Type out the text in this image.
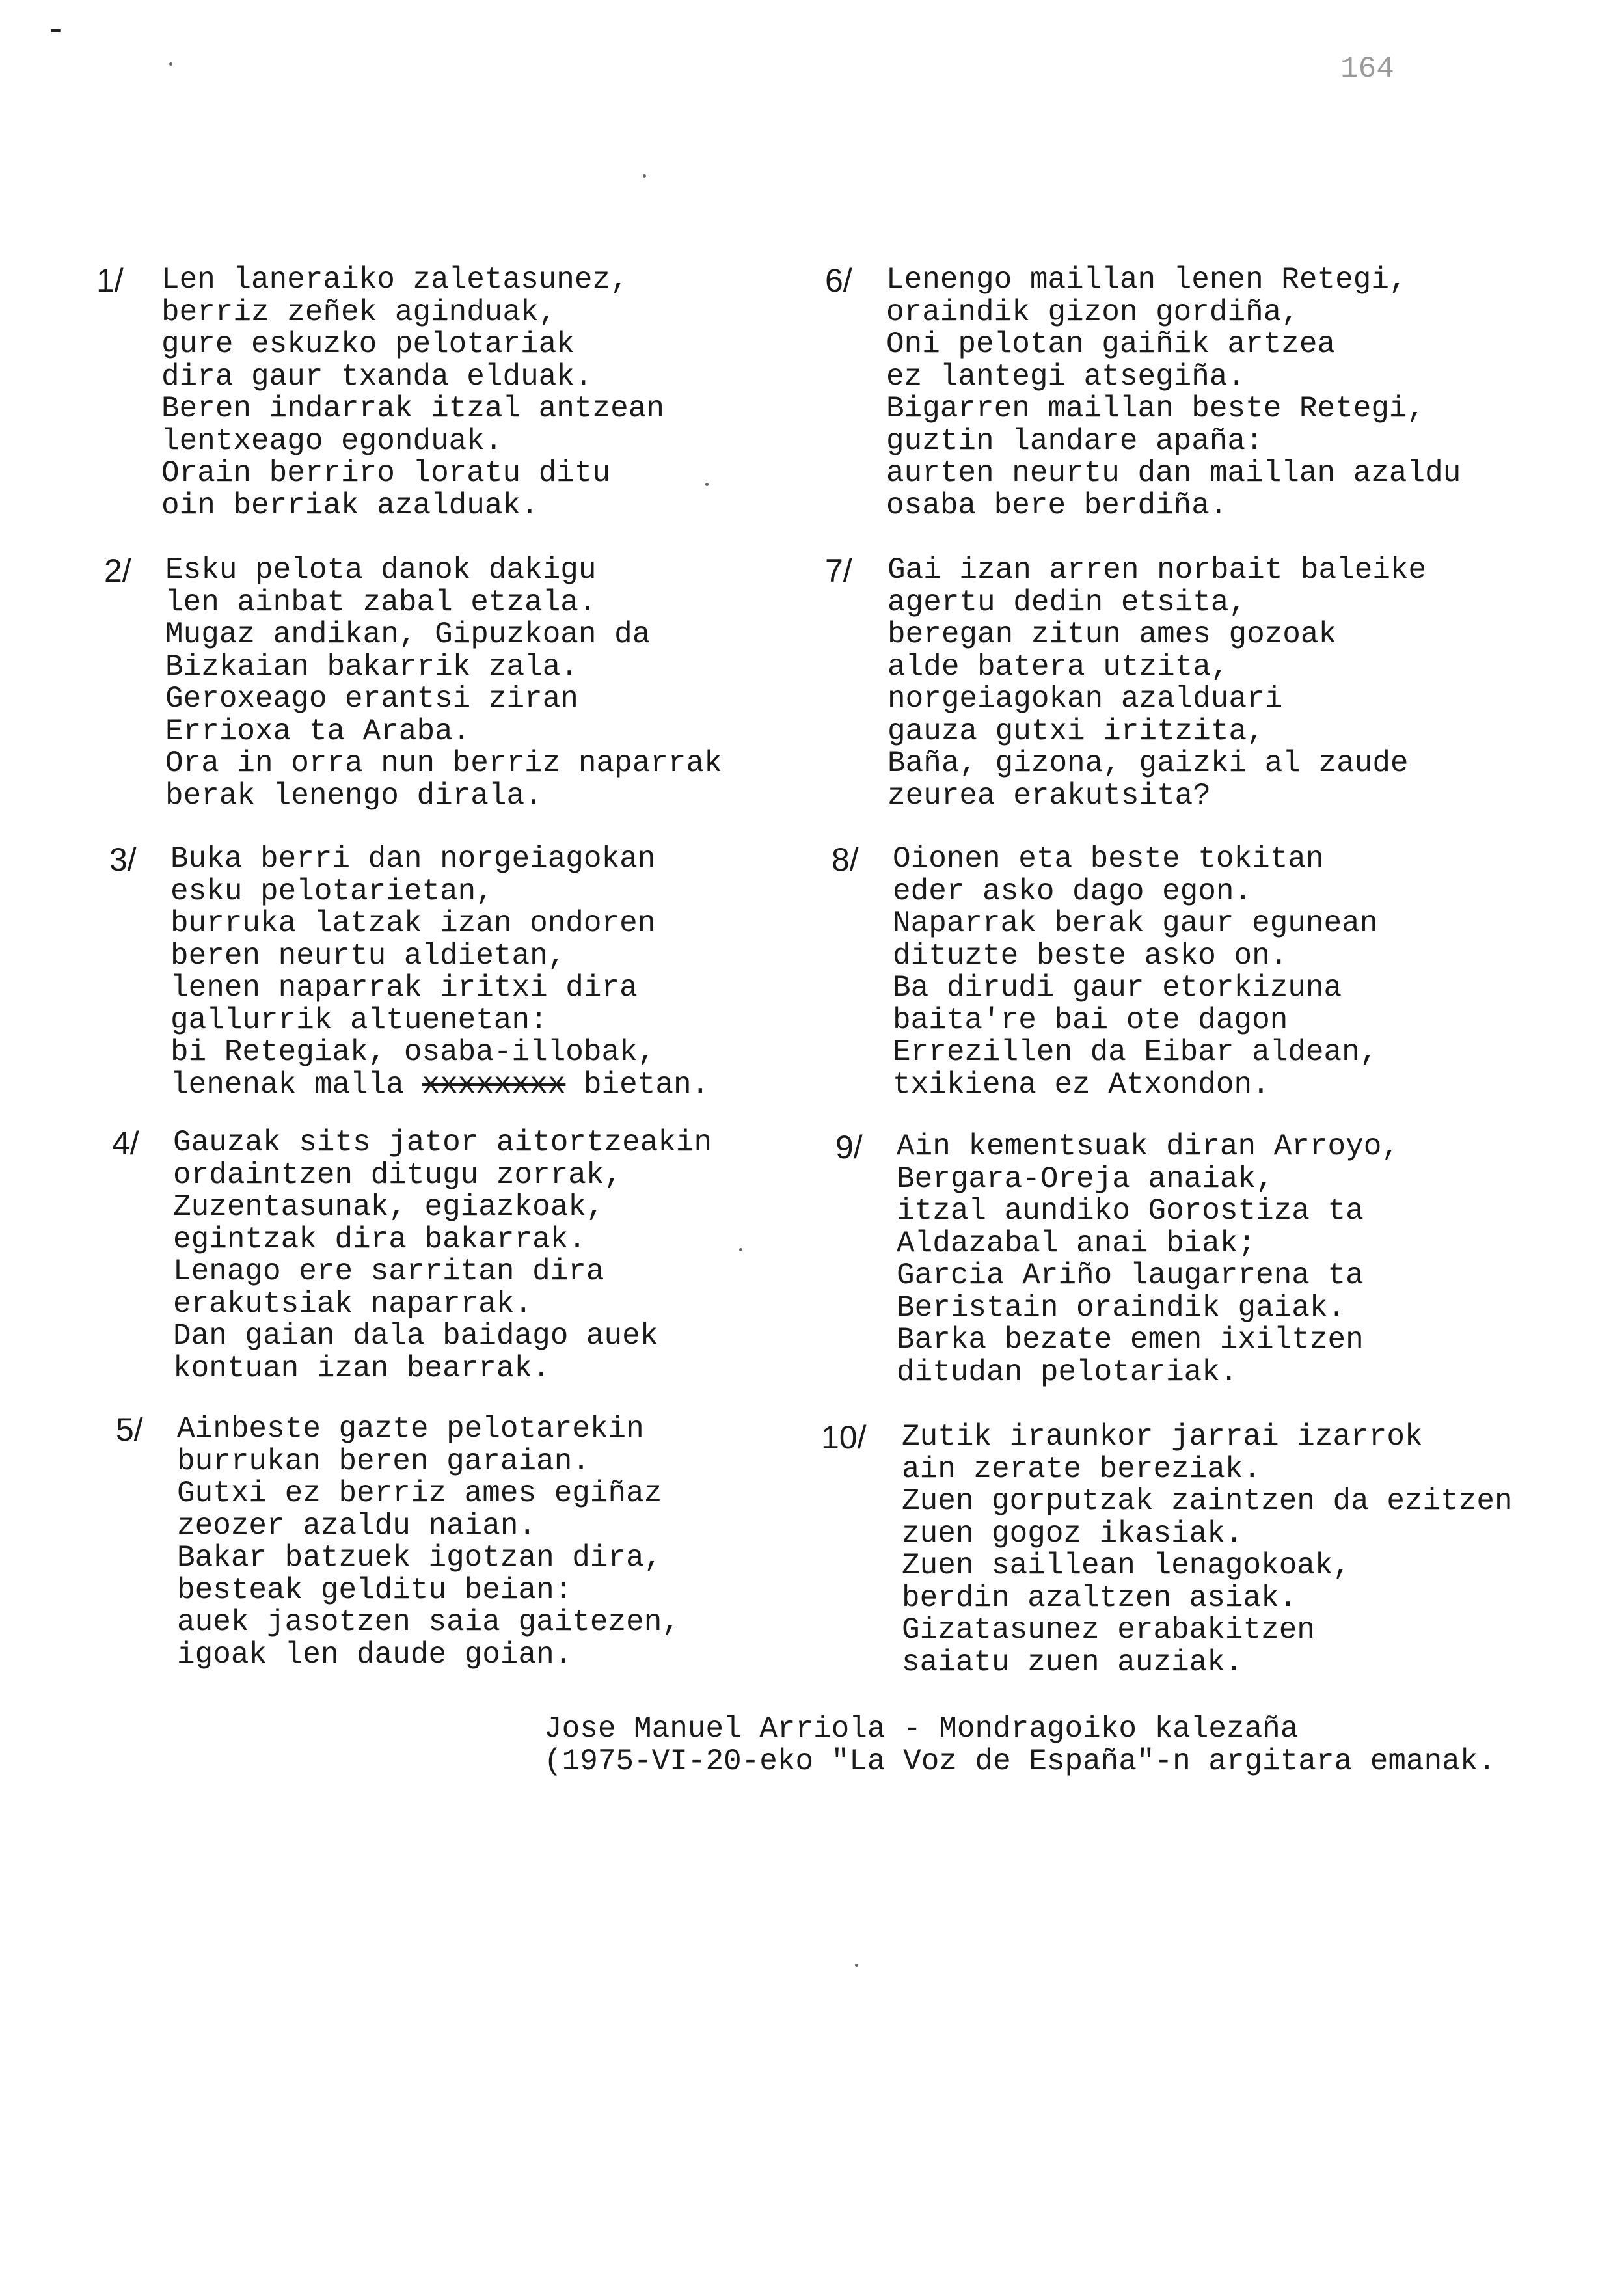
-
164
1/ Len laneraiko zaletasunez,
berriz zeñek aginduak,
gure eskuzko pelotariak
dira gaur txanda elduak.
Beren indarrak itzal antzean
lentxeago egonduak.
Orain berriro loratu ditu
oin berriak azalduak.
2/ Esku pelota danok dakigu
len ainbat zabal etzala.
Mugaz andikan, Gipuzkoan da
Bizkaian bakarrik zala.
Geroxeago erantsi ziran
Errioxa ta Araba.
Ora in orra nun berriz naparrak
berak lenengo dirala.
3/ Buka berri dan norgeiagokan
esku pelotarietan,
burruka latzak izan ondoren
beren neurtu aldietan,
lenen naparrak iritxi dira
gallurrik altuenetan:
bi Retegiak, osaba-illobak,
lenenak malla xxxxxxxx bietan.
4/ Gauzak sits jator aitortzeakin
ordaintzen ditugu zorrak,
Zuzentasunak, egiazkoak,
egintzak dira bakarrak.
Lenago ere sarritan dira
erakutsiak naparrak.
Dan gaian dala baidago auek
kontuan izan bearrak.
5/ Ainbeste gazte pelotarekin
burrukan beren garaian.
Gutxi ez berriz ames egiñaz
zeozer azaldu naian.
Bakar batzuek igotzan dira,
besteak gelditu beian:
auek jasotzen saia gaitezen,
igoak len daude goian.
6/ Lenengo maillan lenen Retegi,
oraindik gizon gordiña,
Oni pelotan gaiñik artzea
ez lantegi atsegiña.
Bigarren maillan beste Retegi,
guztin landare apaña:
aurten neurtu dan maillan azaldu
osaba bere berdiña.
7/ Gai izan arren norbait baleike
agertu dedin etsita,
beregan zitun ames gozoak
alde batera utzita,
norgeiagokan azalduari
gauza gutxi iritzita,
Baña, gizona, gaizki al zaude
zeurea erakutsita?
8/ Oionen eta beste tokitan
eder asko dago egon.
Naparrak berak gaur egunean
dituzte beste asko on.
Ba dirudi gaur etorkizuna
baita're bai ote dagon
Errezillen da Eibar aldean,
txikiena ez Atxondon.
9/ Ain kementsuak diran Arroyo,
Bergara-Oreja anaiak,
itzal aundiko Gorostiza ta
Aldazabal anai biak;
Garcia Ariño laugarrena ta
Beristain oraindik gaiak.
Barka bezate emen ixiltzen
ditudan pelotariak.
10/ Zutik iraunkor jarrai izarrok
ain zerate bereziak.
Zuen gorputzak zaintzen da ezitzen
zuen gogoz ikasiak.
Zuen saillean lenagokoak,
berdin azaltzen asiak.
Gizatasunez erabakitzen
saiatu zuen auziak.
Jose Manuel Arriola - Mondragoiko kalezaña
(1975-VI-20-eko "La Voz de España"-n argitara emanak.
